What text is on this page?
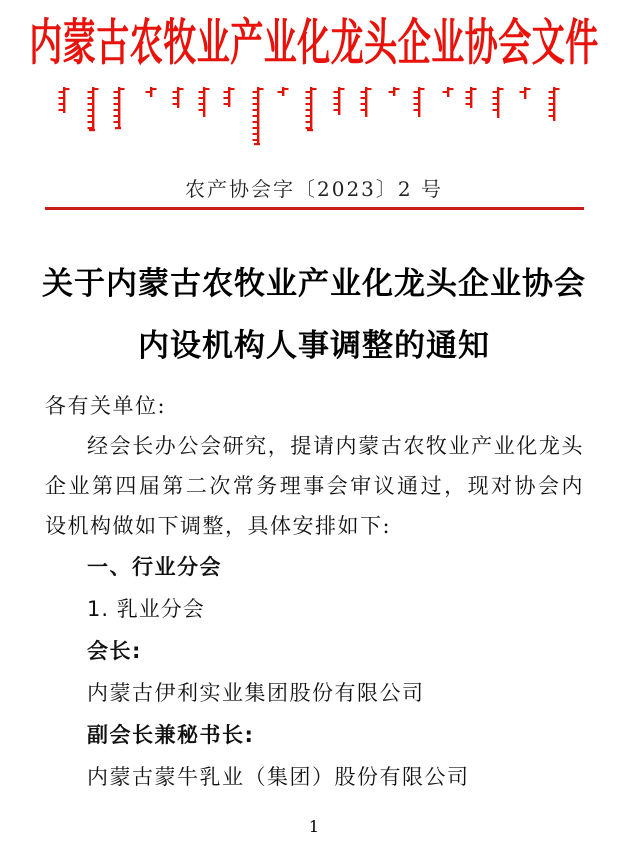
内蒙古农牧业产业化龙头企业协会文件
农产协会字〔2023〕2 号
关于内蒙古农牧业产业化龙头企业协会
内设机构人事调整的通知

各有关单位:

经会长办公会研究，提请内蒙古农牧业产业化龙头企业第四届第二次常务理事会审议通过，现对协会内设机构做如下调整，具体安排如下:

一、行业分会

1. 乳业分会

会长:

内蒙古伊利实业集团股份有限公司

副会长兼秘书长:

内蒙古蒙牛乳业（集团）股份有限公司

1
